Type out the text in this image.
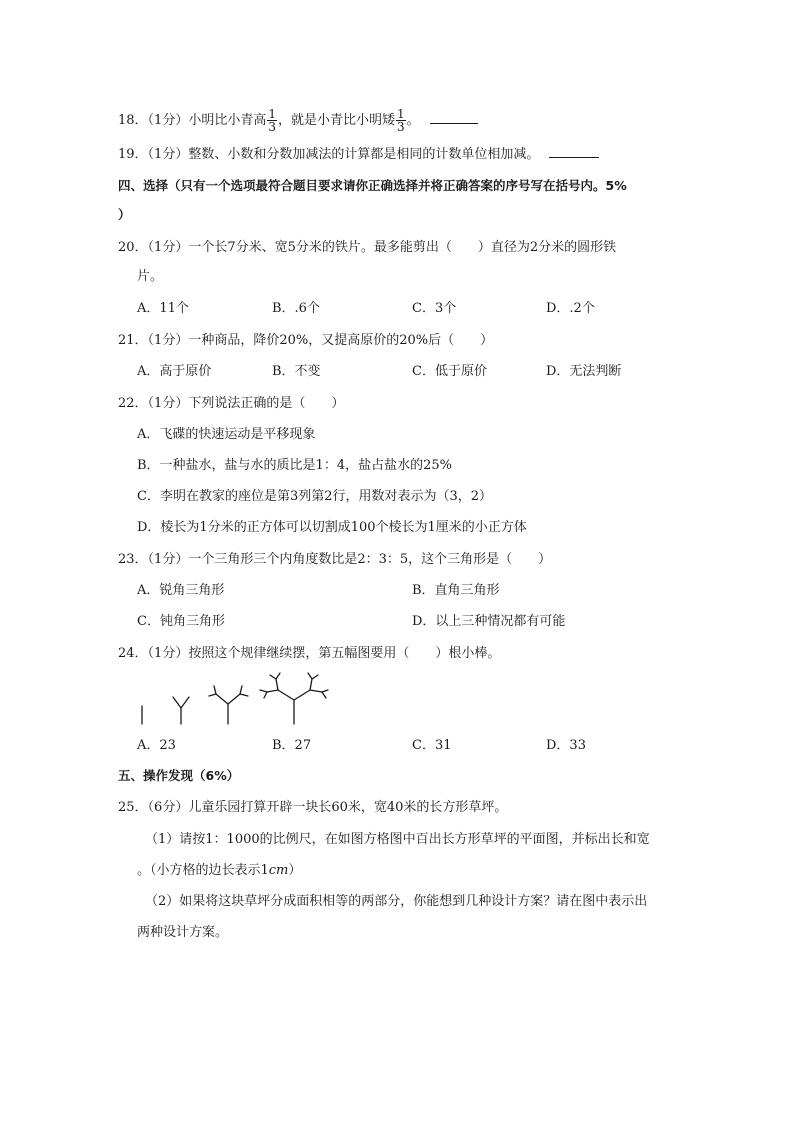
18．（1分）小明比小青高 $\frac{1}{3}$ ，就是小青比小明矮 $\frac{1}{3}$ 。
19．（1分）整数、小数和分数加减法的计算都是相同的计数单位相加减。
四、选择（只有一个选项最符合题目要求请你正确选择并将正确答案的序号写在括号内。5%
）
20．（1分）一个长7分米、宽5分米的铁片。最多能剪出（　　）直径为2分米的圆形铁
片。
A．11个	B．.6个	C．3个	D．.2个
21．（1分）一种商品，降价20%，又提高原价的20%后（　　）
A．高于原价	B．不变	C．低于原价	D．无法判断
22．（1分）下列说法正确的是（　　）
A．飞碟的快速运动是平移现象
B．一种盐水，盐与水的质比是1：4，盐占盐水的25%
C．李明在教家的座位是第3列第2行，用数对表示为（3，2）
D．棱长为1分米的正方体可以切割成100个棱长为1厘米的小正方体
23．（1分）一个三角形三个内角度数比是2：3：5，这个三角形是（　　）
A．锐角三角形	B．直角三角形
C．钝角三角形	D．以上三种情况都有可能
24．（1分）按照这个规律继续摆，第五幅图要用（　　）根小棒。
A．23	B．27	C．31	D．33
五、操作发现（6%）
25．（6分）儿童乐园打算开辟一块长60米，宽40米的长方形草坪。
（1）请按1：1000的比例尺，在如图方格图中百出长方形草坪的平面图，并标出长和宽
。（小方格的边长表示1cm）
（2）如果将这块草坪分成面积相等的两部分，你能想到几种设计方案？请在图中表示出
两种设计方案。
